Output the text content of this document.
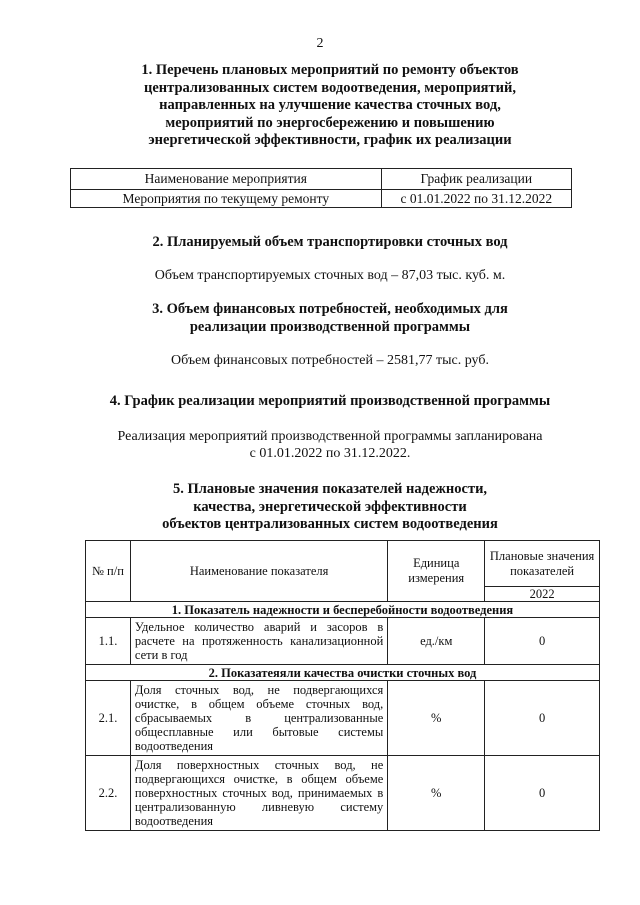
2
1. Перечень плановых мероприятий по ремонту объектов
централизованных систем водоотведения, мероприятий,
направленных на улучшение качества сточных вод,
мероприятий по энергосбережению и повышению
энергетической эффективности, график их реализации
Наименование мероприятия	График реализации
Мероприятия по текущему ремонту	с 01.01.2022 по 31.12.2022
2. Планируемый объем транспортировки сточных вод
Объем транспортируемых сточных вод – 87,03 тыс. куб. м.
3. Объем финансовых потребностей, необходимых для
реализации производственной программы
Объем финансовых потребностей – 2581,77 тыс. руб.
4. График реализации мероприятий производственной программы
Реализация мероприятий производственной программы запланирована
с 01.01.2022 по 31.12.2022.
5. Плановые значения показателей надежности,
качества, энергетической эффективности
объектов централизованных систем водоотведения
№ п/п	Наименование показателя	Единица измерения	Плановые значения показателей
			2022
1. Показатель надежности и бесперебойности водоотведения			
1.1.	Удельное количество аварий и засоров в расчете на протяженность канализационной сети в год	ед./км	0
2. Показатеяяли качества очистки сточных вод			
2.1.	Доля сточных вод, не подвергающихся очистке, в общем объеме сточных вод, сбрасываемых в централизованные общесплавные или бытовые системы водоотведения	%	0
2.2.	Доля поверхностных сточных вод, не подвергающихся очистке, в общем объеме поверхностных сточных вод, принимаемых в централизованную ливневую систему водоотведения	%	0
